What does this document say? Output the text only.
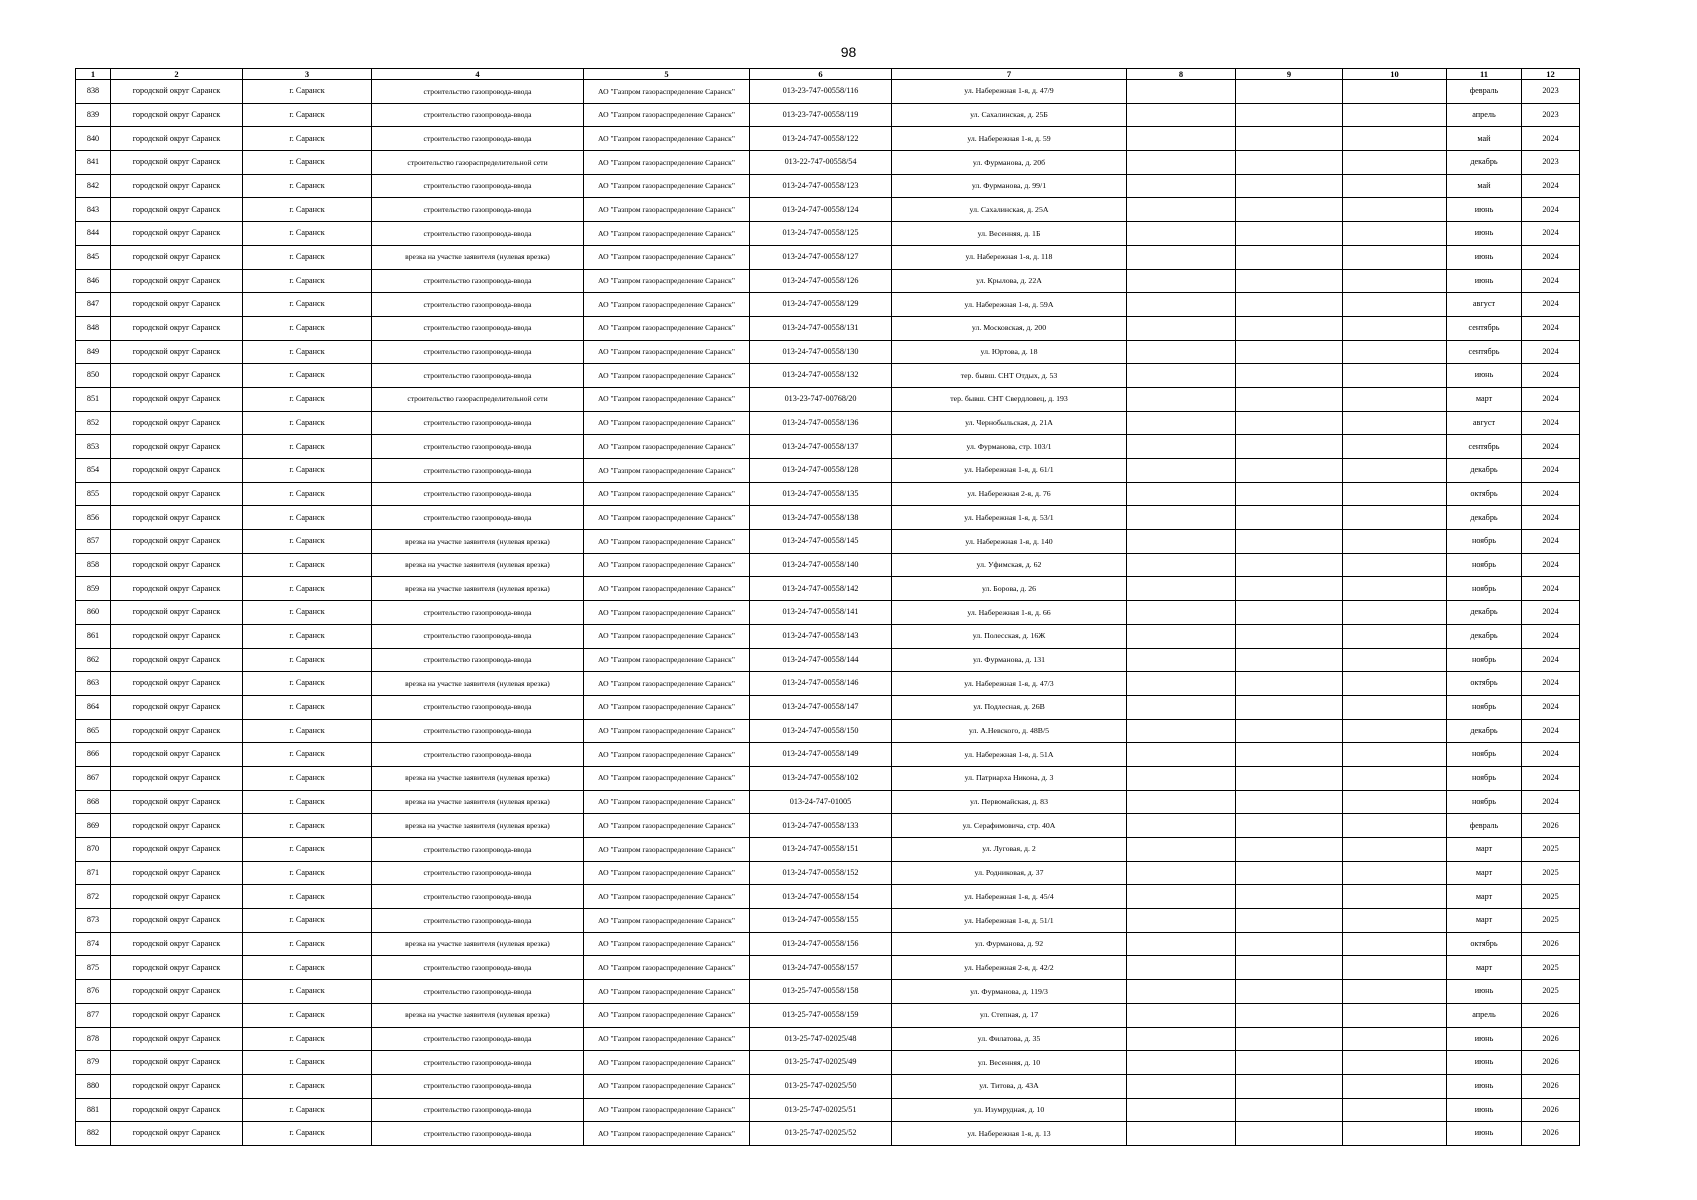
98
1	2	3	4	5	6	7	8	9	10	11	12
838	городской округ Саранск	г. Саранск	строительство газопровода-ввода	АО "Газпром газораспределение Саранск"	013-23-747-00558/116	ул. Набережная 1-я, д. 47/9				февраль	2023
839	городской округ Саранск	г. Саранск	строительство газопровода-ввода	АО "Газпром газораспределение Саранск"	013-23-747-00558/119	ул. Сахалинская, д. 25Б				апрель	2023
840	городской округ Саранск	г. Саранск	строительство газопровода-ввода	АО "Газпром газораспределение Саранск"	013-24-747-00558/122	ул. Набережная 1-я, д. 59				май	2024
841	городской округ Саранск	г. Саранск	строительство газораспределительной сети	АО "Газпром газораспределение Саранск"	013-22-747-00558/54	ул. Фурманова, д. 20б				декабрь	2023
842	городской округ Саранск	г. Саранск	строительство газопровода-ввода	АО "Газпром газораспределение Саранск"	013-24-747-00558/123	ул. Фурманова, д. 99/1				май	2024
843	городской округ Саранск	г. Саранск	строительство газопровода-ввода	АО "Газпром газораспределение Саранск"	013-24-747-00558/124	ул. Сахалинская, д. 25А				июнь	2024
844	городской округ Саранск	г. Саранск	строительство газопровода-ввода	АО "Газпром газораспределение Саранск"	013-24-747-00558/125	ул. Весенняя, д. 1Б				июнь	2024
845	городской округ Саранск	г. Саранск	врезка на участке заявителя (нулевая врезка)	АО "Газпром газораспределение Саранск"	013-24-747-00558/127	ул. Набережная 1-я, д. 118				июнь	2024
846	городской округ Саранск	г. Саранск	строительство газопровода-ввода	АО "Газпром газораспределение Саранск"	013-24-747-00558/126	ул. Крылова, д. 22А				июнь	2024
847	городской округ Саранск	г. Саранск	строительство газопровода-ввода	АО "Газпром газораспределение Саранск"	013-24-747-00558/129	ул. Набережная 1-я, д. 59А				август	2024
848	городской округ Саранск	г. Саранск	строительство газопровода-ввода	АО "Газпром газораспределение Саранск"	013-24-747-00558/131	ул. Московская, д. 200				сентябрь	2024
849	городской округ Саранск	г. Саранск	строительство газопровода-ввода	АО "Газпром газораспределение Саранск"	013-24-747-00558/130	ул. Юртова, д. 18				сентябрь	2024
850	городской округ Саранск	г. Саранск	строительство газопровода-ввода	АО "Газпром газораспределение Саранск"	013-24-747-00558/132	тер. бывш. СНТ Отдых, д. 53				июнь	2024
851	городской округ Саранск	г. Саранск	строительство газораспределительной сети	АО "Газпром газораспределение Саранск"	013-23-747-00768/20	тер. бывш. СНТ Свердловец, д. 193				март	2024
852	городской округ Саранск	г. Саранск	строительство газопровода-ввода	АО "Газпром газораспределение Саранск"	013-24-747-00558/136	ул. Чернобыльская, д. 21А				август	2024
853	городской округ Саранск	г. Саранск	строительство газопровода-ввода	АО "Газпром газораспределение Саранск"	013-24-747-00558/137	ул. Фурманова, стр. 103/1				сентябрь	2024
854	городской округ Саранск	г. Саранск	строительство газопровода-ввода	АО "Газпром газораспределение Саранск"	013-24-747-00558/128	ул. Набережная 1-я, д. 61/1				декабрь	2024
855	городской округ Саранск	г. Саранск	строительство газопровода-ввода	АО "Газпром газораспределение Саранск"	013-24-747-00558/135	ул. Набережная 2-я, д. 76				октябрь	2024
856	городской округ Саранск	г. Саранск	строительство газопровода-ввода	АО "Газпром газораспределение Саранск"	013-24-747-00558/138	ул. Набережная 1-я, д. 53/1				декабрь	2024
857	городской округ Саранск	г. Саранск	врезка на участке заявителя (нулевая врезка)	АО "Газпром газораспределение Саранск"	013-24-747-00558/145	ул. Набережная 1-я, д. 140				ноябрь	2024
858	городской округ Саранск	г. Саранск	врезка на участке заявителя (нулевая врезка)	АО "Газпром газораспределение Саранск"	013-24-747-00558/140	ул. Уфимская, д. 62				ноябрь	2024
859	городской округ Саранск	г. Саранск	врезка на участке заявителя (нулевая врезка)	АО "Газпром газораспределение Саранск"	013-24-747-00558/142	ул. Борова, д. 26				ноябрь	2024
860	городской округ Саранск	г. Саранск	строительство газопровода-ввода	АО "Газпром газораспределение Саранск"	013-24-747-00558/141	ул. Набережная 1-я, д. 66				декабрь	2024
861	городской округ Саранск	г. Саранск	строительство газопровода-ввода	АО "Газпром газораспределение Саранск"	013-24-747-00558/143	ул. Полесская, д. 16Ж				декабрь	2024
862	городской округ Саранск	г. Саранск	строительство газопровода-ввода	АО "Газпром газораспределение Саранск"	013-24-747-00558/144	ул. Фурманова, д. 131				ноябрь	2024
863	городской округ Саранск	г. Саранск	врезка на участке заявителя (нулевая врезка)	АО "Газпром газораспределение Саранск"	013-24-747-00558/146	ул. Набережная 1-я, д. 47/3				октябрь	2024
864	городской округ Саранск	г. Саранск	строительство газопровода-ввода	АО "Газпром газораспределение Саранск"	013-24-747-00558/147	ул. Подлесная, д. 26В				ноябрь	2024
865	городской округ Саранск	г. Саранск	строительство газопровода-ввода	АО "Газпром газораспределение Саранск"	013-24-747-00558/150	ул. А.Невского, д. 48В/5				декабрь	2024
866	городской округ Саранск	г. Саранск	строительство газопровода-ввода	АО "Газпром газораспределение Саранск"	013-24-747-00558/149	ул. Набережная 1-я, д. 51А				ноябрь	2024
867	городской округ Саранск	г. Саранск	врезка на участке заявителя (нулевая врезка)	АО "Газпром газораспределение Саранск"	013-24-747-00558/102	ул. Патриарха Никона, д. 3				ноябрь	2024
868	городской округ Саранск	г. Саранск	врезка на участке заявителя (нулевая врезка)	АО "Газпром газораспределение Саранск"	013-24-747-01005	ул. Первомайская, д. 83				ноябрь	2024
869	городской округ Саранск	г. Саранск	врезка на участке заявителя (нулевая врезка)	АО "Газпром газораспределение Саранск"	013-24-747-00558/133	ул. Серафимовича, стр. 40А				февраль	2026
870	городской округ Саранск	г. Саранск	строительство газопровода-ввода	АО "Газпром газораспределение Саранск"	013-24-747-00558/151	ул. Луговая, д. 2				март	2025
871	городской округ Саранск	г. Саранск	строительство газопровода-ввода	АО "Газпром газораспределение Саранск"	013-24-747-00558/152	ул. Родниковая, д. 37				март	2025
872	городской округ Саранск	г. Саранск	строительство газопровода-ввода	АО "Газпром газораспределение Саранск"	013-24-747-00558/154	ул. Набережная 1-я, д. 45/4				март	2025
873	городской округ Саранск	г. Саранск	строительство газопровода-ввода	АО "Газпром газораспределение Саранск"	013-24-747-00558/155	ул. Набережная 1-я, д. 51/1				март	2025
874	городской округ Саранск	г. Саранск	врезка на участке заявителя (нулевая врезка)	АО "Газпром газораспределение Саранск"	013-24-747-00558/156	ул. Фурманова, д. 92				октябрь	2026
875	городской округ Саранск	г. Саранск	строительство газопровода-ввода	АО "Газпром газораспределение Саранск"	013-24-747-00558/157	ул. Набережная 2-я, д. 42/2				март	2025
876	городской округ Саранск	г. Саранск	строительство газопровода-ввода	АО "Газпром газораспределение Саранск"	013-25-747-00558/158	ул. Фурманова, д. 119/3				июнь	2025
877	городской округ Саранск	г. Саранск	врезка на участке заявителя (нулевая врезка)	АО "Газпром газораспределение Саранск"	013-25-747-00558/159	ул. Степная, д. 17				апрель	2026
878	городской округ Саранск	г. Саранск	строительство газопровода-ввода	АО "Газпром газораспределение Саранск"	013-25-747-02025/48	ул. Филатова, д. 35				июнь	2026
879	городской округ Саранск	г. Саранск	строительство газопровода-ввода	АО "Газпром газораспределение Саранск"	013-25-747-02025/49	ул. Весенняя, д. 10				июнь	2026
880	городской округ Саранск	г. Саранск	строительство газопровода-ввода	АО "Газпром газораспределение Саранск"	013-25-747-02025/50	ул. Титова, д. 43А				июнь	2026
881	городской округ Саранск	г. Саранск	строительство газопровода-ввода	АО "Газпром газораспределение Саранск"	013-25-747-02025/51	ул. Изумрудная, д. 10				июнь	2026
882	городской округ Саранск	г. Саранск	строительство газопровода-ввода	АО "Газпром газораспределение Саранск"	013-25-747-02025/52	ул. Набережная 1-я, д. 13				июнь	2026
